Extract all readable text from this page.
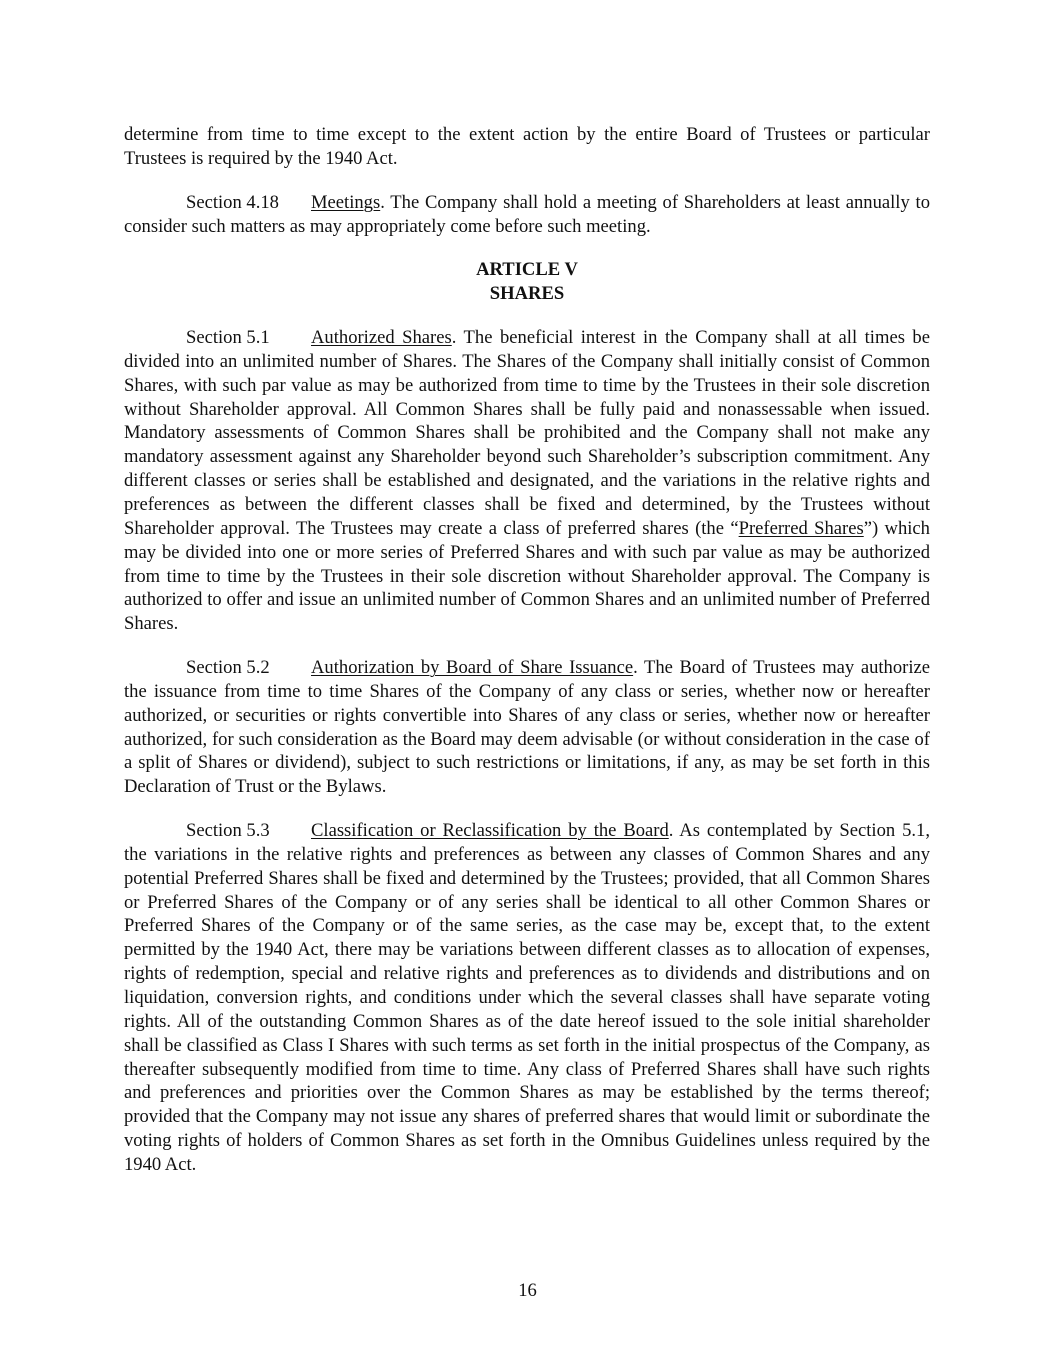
determine from time to time except to the extent action by the entire Board of Trustees or particular Trustees is required by the 1940 Act.

Section 4.18 Meetings. The Company shall hold a meeting of Shareholders at least annually to consider such matters as may appropriately come before such meeting.

ARTICLE V

SHARES

Section 5.1 Authorized Shares. The beneficial interest in the Company shall at all times be divided into an unlimited number of Shares. The Shares of the Company shall initially consist of Common Shares, with such par value as may be authorized from time to time by the Trustees in their sole discretion without Shareholder approval. All Common Shares shall be fully paid and nonassessable when issued. Mandatory assessments of Common Shares shall be prohibited and the Company shall not make any mandatory assessment against any Shareholder beyond such Shareholder’s subscription commitment. Any different classes or series shall be established and designated, and the variations in the relative rights and preferences as between the different classes shall be fixed and determined, by the Trustees without Shareholder approval. The Trustees may create a class of preferred shares (the “Preferred Shares”) which may be divided into one or more series of Preferred Shares and with such par value as may be authorized from time to time by the Trustees in their sole discretion without Shareholder approval. The Company is authorized to offer and issue an unlimited number of Common Shares and an unlimited number of Preferred Shares.

Section 5.2 Authorization by Board of Share Issuance. The Board of Trustees may authorize the issuance from time to time Shares of the Company of any class or series, whether now or hereafter authorized, or securities or rights convertible into Shares of any class or series, whether now or hereafter authorized, for such consideration as the Board may deem advisable (or without consideration in the case of a split of Shares or dividend), subject to such restrictions or limitations, if any, as may be set forth in this Declaration of Trust or the Bylaws.

Section 5.3 Classification or Reclassification by the Board. As contemplated by Section 5.1, the variations in the relative rights and preferences as between any classes of Common Shares and any potential Preferred Shares shall be fixed and determined by the Trustees; provided, that all Common Shares or Preferred Shares of the Company or of any series shall be identical to all other Common Shares or Preferred Shares of the Company or of the same series, as the case may be, except that, to the extent permitted by the 1940 Act, there may be variations between different classes as to allocation of expenses, rights of redemption, special and relative rights and preferences as to dividends and distributions and on liquidation, conversion rights, and conditions under which the several classes shall have separate voting rights. All of the outstanding Common Shares as of the date hereof issued to the sole initial shareholder shall be classified as Class I Shares with such terms as set forth in the initial prospectus of the Company, as thereafter subsequently modified from time to time. Any class of Preferred Shares shall have such rights and preferences and priorities over the Common Shares as may be established by the terms thereof; provided that the Company may not issue any shares of preferred shares that would limit or subordinate the voting rights of holders of Common Shares as set forth in the Omnibus Guidelines unless required by the 1940 Act.

16
